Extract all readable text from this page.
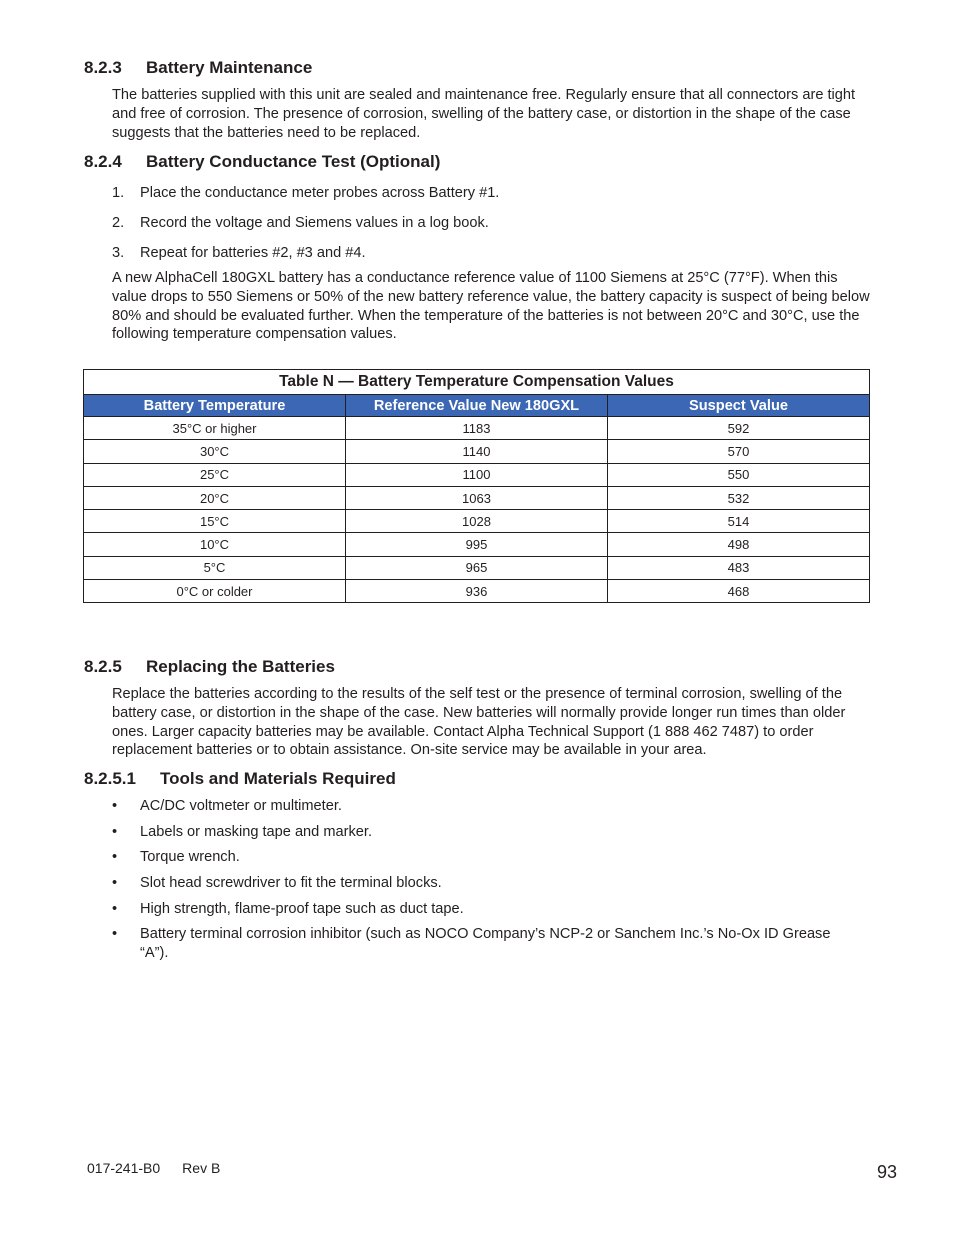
8.2.3 Battery Maintenance

The batteries supplied with this unit are sealed and maintenance free. Regularly ensure that all connectors are tight and free of corrosion. The presence of corrosion, swelling of the battery case, or distortion in the shape of the case suggests that the batteries need to be replaced.

8.2.4 Battery Conductance Test (Optional)
1.	Place the conductance meter probes across Battery #1.
2.	Record the voltage and Siemens values in a log book.
3.	Repeat for batteries #2, #3 and #4.

A new AlphaCell 180GXL battery has a conductance reference value of 1100 Siemens at 25°C (77°F). When this value drops to 550 Siemens or 50% of the new battery reference value, the battery capacity is suspect of being below 80% and should be evaluated further. When the temperature of the batteries is not between 20°C and 30°C, use the following temperature compensation values.

Table N — Battery Temperature Compensation Values		
Battery Temperature	Reference Value New 180GXL	Suspect Value
35°C or higher	1183	592
30°C	1140	570
25°C	1100	550
20°C	1063	532
15°C	1028	514
10°C	995	498
5°C	965	483
0°C or colder	936	468
8.2.5 Replacing the Batteries

Replace the batteries according to the results of the self test or the presence of terminal corrosion, swelling of the battery case, or distortion in the shape of the case. New batteries will normally provide longer run times than older ones. Larger capacity batteries may be available. Contact Alpha Technical Support (1 888 462 7487) to order replacement batteries or to obtain assistance. On-site service may be available in your area.

8.2.5.1 Tools and Materials Required
•	AC/DC voltmeter or multimeter.
•	Labels or masking tape and marker.
•	Torque wrench.
•	Slot head screwdriver to fit the terminal blocks.
•	High strength, flame-proof tape such as duct tape.
•	Battery terminal corrosion inhibitor (such as NOCO Company’s NCP-2 or Sanchem Inc.’s No-Ox ID Grease “A”).
017-241-B0 Rev B	93
